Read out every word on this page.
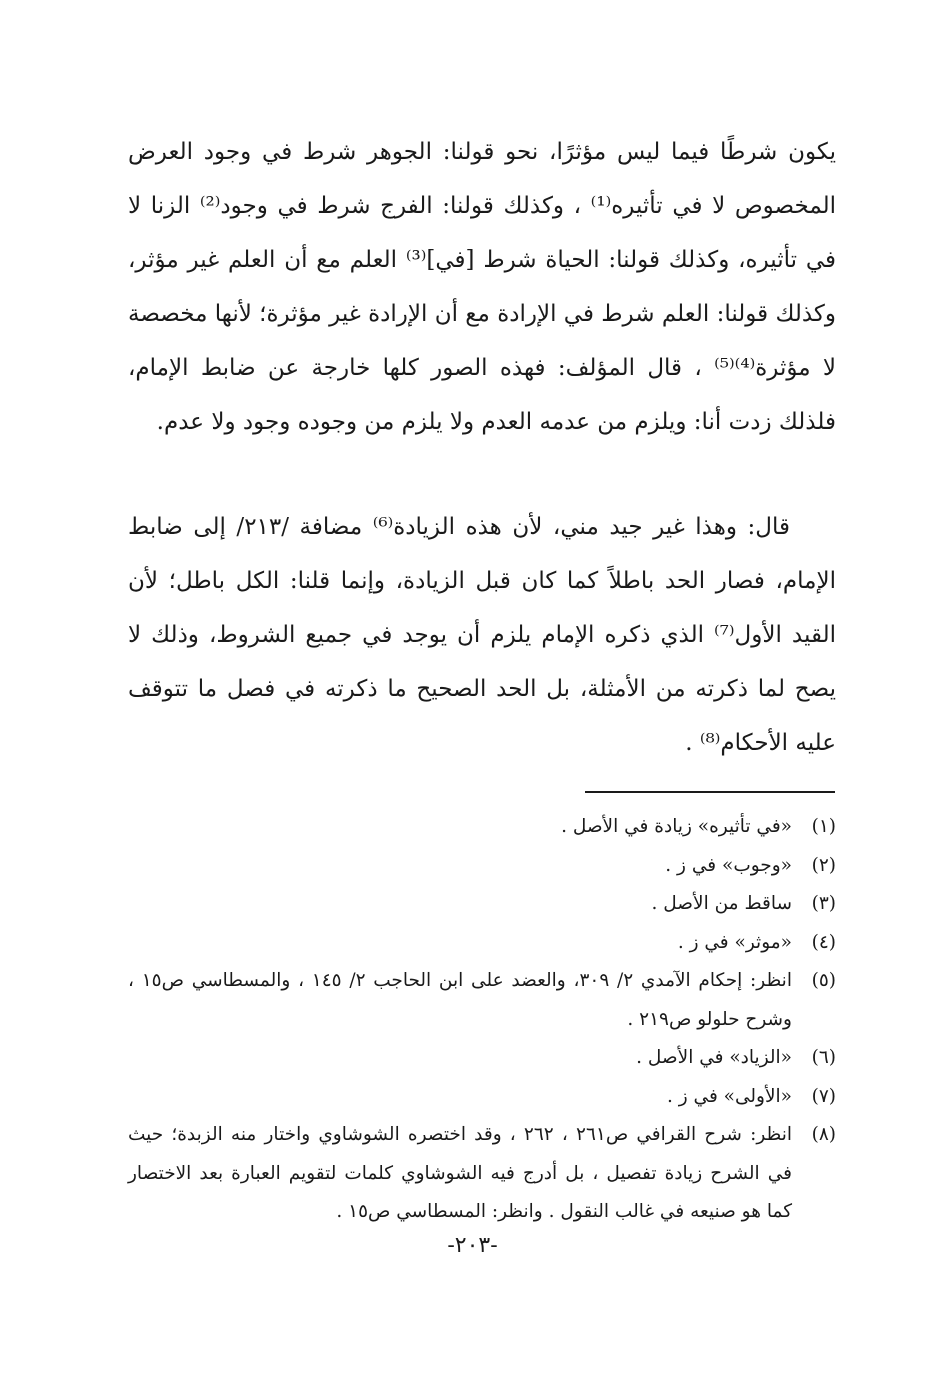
يكون شرطًا فيما ليس مؤثرًا، نحو قولنا: الجوهر شرط في وجود العرض المخصوص لا في تأثيره⁽¹⁾ ، وكذلك قولنا: الفرج شرط في وجود⁽²⁾ الزنا لا في تأثيره، وكذلك قولنا: الحياة شرط [في]⁽³⁾ العلم مع أن العلم غير مؤثر، وكذلك قولنا: العلم شرط في الإرادة مع أن الإرادة غير مؤثرة؛ لأنها مخصصة لا مؤثرة⁽⁴⁾⁽⁵⁾ ، قال المؤلف: فهذه الصور كلها خارجة عن ضابط الإمام، فلذلك زدت أنا: ويلزم من عدمه العدم ولا يلزم من وجوده وجود ولا عدم.

قال: وهذا غير جيد مني، لأن هذه الزيادة⁽⁶⁾ مضافة /٢١٣/ إلى ضابط الإمام، فصار الحد باطلاً كما كان قبل الزيادة، وإنما قلنا: الكل باطل؛ لأن القيد الأول⁽⁷⁾ الذي ذكره الإمام يلزم أن يوجد في جميع الشروط، وذلك لا يصح لما ذكرته من الأمثلة، بل الحد الصحيح ما ذكرته في فصل ما تتوقف عليه الأحكام⁽⁸⁾ .
(١)
«في تأثيره» زيادة في الأصل .
(٢)
«وجوب» في ز .
(٣)
ساقط من الأصل .
(٤)
«موثر» في ز .
(٥)
انظر: إحكام الآمدي ٢/ ٣٠٩، والعضد على ابن الحاجب ٢/ ١٤٥ ، والمسطاسي ص١٥ ، وشرح حلولو ص٢١٩ .
(٦)
«الزياد» في الأصل .
(٧)
«الأولى» في ز .
(٨)
انظر: شرح القرافي ص٢٦١ ، ٢٦٢ ، وقد اختصره الشوشاوي واختار منه الزبدة؛ حيث في الشرح زيادة تفصيل ، بل أدرج فيه الشوشاوي كلمات لتقويم العبارة بعد الاختصار كما هو صنيعه في غالب النقول . وانظر: المسطاسي ص١٥ .
-٢٠٣-
